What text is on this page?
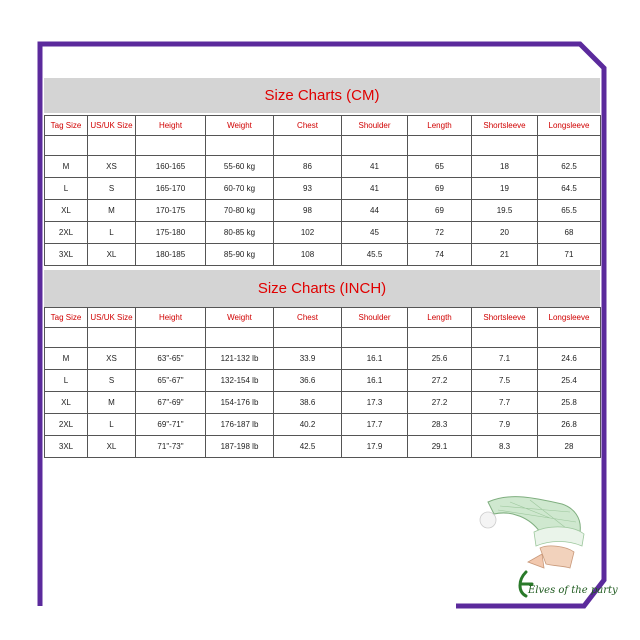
Size Charts (CM)
Tag Size	US/UK Size	Height	Weight	Chest	Shoulder	Length	Shortsleeve	Longsleeve

M	XS	160-165	55-60 kg	86	41	65	18	62.5
L	S	165-170	60-70 kg	93	41	69	19	64.5
XL	M	170-175	70-80 kg	98	44	69	19.5	65.5
2XL	L	175-180	80-85 kg	102	45	72	20	68
3XL	XL	180-185	85-90 kg	108	45.5	74	21	71
Size Charts (INCH)
Tag Size	US/UK Size	Height	Weight	Chest	Shoulder	Length	Shortsleeve	Longsleeve

M	XS	63"-65"	121-132 lb	33.9	16.1	25.6	7.1	24.6
L	S	65"-67"	132-154 lb	36.6	16.1	27.2	7.5	25.4
XL	M	67"-69"	154-176 lb	38.6	17.3	27.2	7.7	25.8
2XL	L	69"-71"	176-187 lb	40.2	17.7	28.3	7.9	26.8
3XL	XL	71"-73"	187-198 lb	42.5	17.9	29.1	8.3	28
Elves of the party
